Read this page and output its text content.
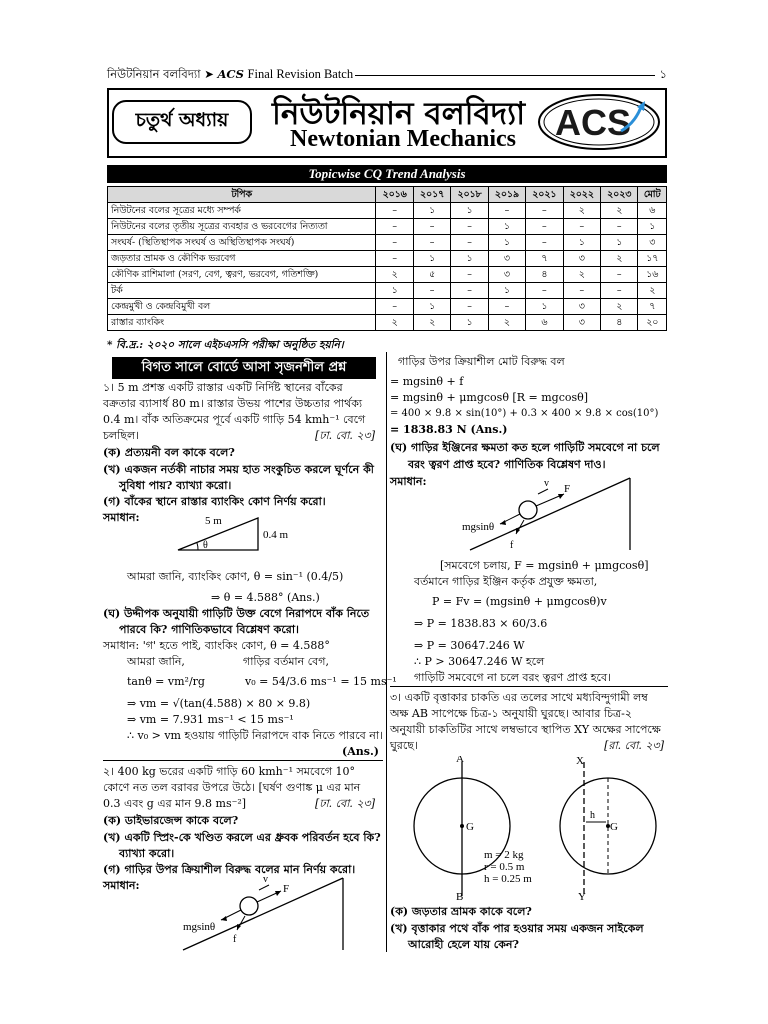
নিউটনিয়ান বলবিদ্যা ➤ ACS Final Revision Batch	১
চতুর্থ অধ্যায়	নিউটনিয়ান বলবিদ্যা
Newtonian Mechanics ACS
Topicwise CQ Trend Analysis
টপিক	২০১৬	২০১৭	২০১৮	২০১৯	২০২১	২০২২	২০২৩	মোট
নিউটনের বলের সূত্রের মধ্যে সম্পর্ক	–	১	১	–	–	২	২	৬
নিউটনের বলের তৃতীয় সূত্রের ব্যবহার ও ভরবেগের নিত্যতা	–	–	–	১	–	–	–	১
সংঘর্ষ- (স্থিতিস্থাপক সংঘর্ষ ও অস্থিতিস্থাপক সংঘর্ষ)	–	–	–	১	–	১	১	৩
জড়তার ভ্রামক ও কৌণিক ভরবেগ	–	১	১	৩	৭	৩	২	১৭
কৌণিক রাশিমালা (সরণ, বেগ, ত্বরণ, ভরবেগ, গতিশক্তি)	২	৫	–	৩	৪	২	–	১৬
টর্ক	১	–	–	১	–	–	–	২
কেন্দ্রমুখী ও কেন্দ্রবিমুখী বল	–	১	–	–	১	৩	২	৭
রাস্তার ব্যাংকিং	২	২	১	২	৬	৩	৪	২০
* বি.দ্র.: ২০২০ সালে এইচএসসি পরীক্ষা অনুষ্ঠিত হয়নি।
বিগত সালে বোর্ডে আসা সৃজনশীল প্রশ্ন
১। 5 m প্রশস্ত একটি রাস্তার একটি নির্দিষ্ট স্থানের বাঁকের
বক্রতার ব্যাসার্ধ 80 m। রাস্তার উভয় পাশের উচ্চতার পার্থক্য
0.4 m। বাঁক অতিক্রমের পূর্বে একটি গাড়ি 54 kmh⁻¹ বেগে
চলছিল।	[ঢা. বো. ২৩]
(ক) প্রত্যয়নী বল কাকে বলে?
(খ) একজন নর্তকী নাচার সময় হাত সংকুচিত করলে ঘূর্ণনে কী
সুবিধা পায়? ব্যাখ্যা করো।
(গ) বাঁকের স্থানে রাস্তার ব্যাংকিং কোণ নির্ণয় করো।
সমাধান:	5 m
0.4 m
θ
আমরা জানি, ব্যাংকিং কোণ, θ = sin⁻¹ (0.4/5)
⇒ θ = 4.588° (Ans.)
(ঘ) উদ্দীপক অনুযায়ী গাড়িটি উক্ত বেগে নিরাপদে বাঁক নিতে
পারবে কি? গাণিতিকভাবে বিশ্লেষণ করো।
সমাধান: 'গ' হতে পাই, ব্যাংকিং কোণ, θ = 4.588°
আমরা জানি,	গাড়ির বর্তমান বেগ,
tanθ = vm²/rg	v₀ = 54/3.6 ms⁻¹ = 15 ms⁻¹
⇒ vm = √(tan(4.588) × 80 × 9.8)
⇒ vm = 7.931 ms⁻¹ < 15 ms⁻¹
∴ v₀ > vm হওয়ায় গাড়িটি নিরাপদে বাক নিতে পারবে না।
(Ans.)
২। 400 kg ভরের একটি গাড়ি 60 kmh⁻¹ সমবেগে 10°
কোণে নত তল বরাবর উপরে উঠে। [ঘর্ষণ গুণাঙ্ক μ এর মান
0.3 এবং g এর মান 9.8 ms⁻²]	[ঢা. বো. ২৩]
(ক) ডাইভারজেন্স কাকে বলে?
(খ) একটি স্প্রিং-কে খণ্ডিত করলে এর ধ্রুবক পরিবর্তন হবে কি?
ব্যাখ্যা করো।
(গ) গাড়ির উপর ক্রিয়াশীল বিরুদ্ধ বলের মান নির্ণয় করো।
সমাধান:	v
F
mgsinθ
f
গাড়ির উপর ক্রিয়াশীল মোট বিরুদ্ধ বল
= mgsinθ + f
= mgsinθ + μmgcosθ [R = mgcosθ]
= 400 × 9.8 × sin(10°) + 0.3 × 400 × 9.8 × cos(10°)
= 1838.83 N (Ans.)
(ঘ) গাড়ির ইঞ্জিনের ক্ষমতা কত হলে গাড়িটি সমবেগে না চলে
বরং ত্বরণ প্রাপ্ত হবে? গাণিতিক বিশ্লেষণ দাও।
সমাধান:	v F
mgsinθ
f
[সমবেগে চলায়, F = mgsinθ + μmgcosθ]
বর্তমানে গাড়ির ইঞ্জিন কর্তৃক প্রযুক্ত ক্ষমতা,
P = Fv = (mgsinθ + μmgcosθ)v
⇒ P = 1838.83 × 60/3.6
⇒ P = 30647.246 W
∴ P > 30647.246 W হলে
গাড়িটি সমবেগে না চলে বরং ত্বরণ প্রাপ্ত হবে।
৩। একটি বৃত্তাকার চাকতি এর তলের সাথে মধ্যবিন্দুগামী লম্ব
অক্ষ AB সাপেক্ষে চিত্র-১ অনুযায়ী ঘুরছে। আবার চিত্র-২
অনুযায়ী চাকতিটির সাথে লম্বভাবে স্থাপিত XY অক্ষের সাপেক্ষে
ঘুরছে।	[রা. বো. ২৩]
A
B
G
X
Y
G
h
m = 2 kg
r = 0.5 m
h = 0.25 m
(ক) জড়তার ভ্রামক কাকে বলে?
(খ) বৃত্তাকার পথে বাঁক পার হওয়ার সময় একজন সাইকেল
আরোহী হেলে যায় কেন?
